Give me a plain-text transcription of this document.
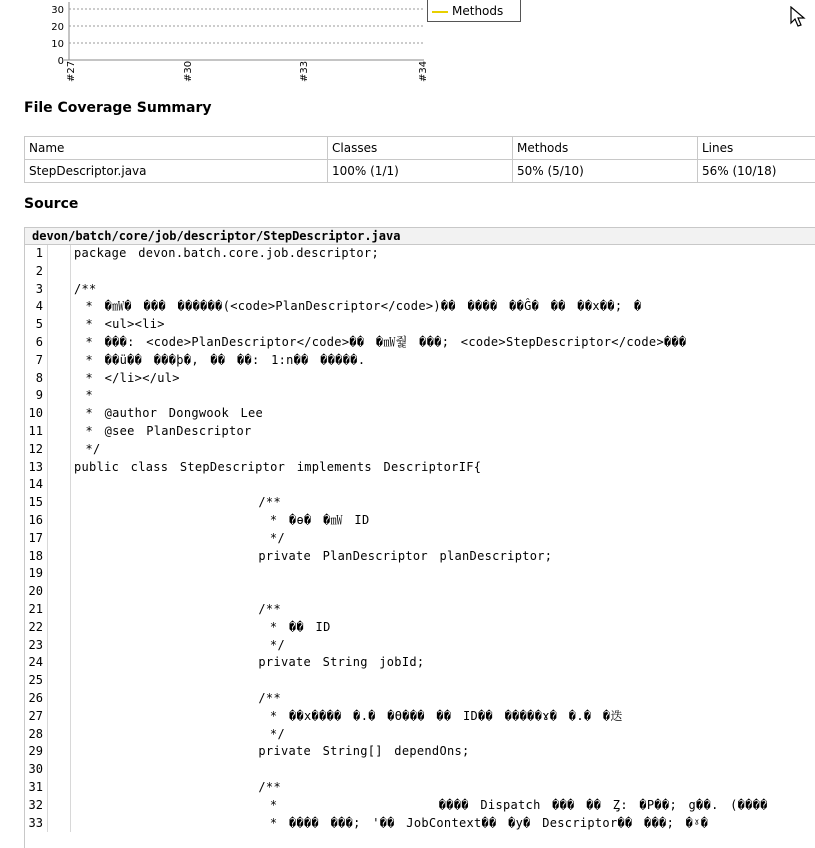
30
20
10
0 #27	#30	#33	#34
Methods
File Coverage Summary
Name	Classes	Methods	Lines
StepDescriptor.java	100% (1/1)	50% (5/10)	56% (10/18)
Source
devon/batch/core/job/descriptor/StepDescriptor.java
1	package devon.batch.core.job.descriptor;
2
3	/**
4	* �㎽� ��� ������(<code>PlanDescriptor</code>)�� ���� ��Ĝ� �� ��x��; �
5	* <ul><li>
6	* ���: <code>PlanDescriptor</code>�� �㎽줥 ���; <code>StepDescriptor</code>���
7	* ��ü�� ���þ�, �� ��: 1:n�� �����.
8	* </li></ul>
9	*
10	* @author Dongwook Lee
11	* @see PlanDescriptor
12	*/
13	public class StepDescriptor implements DescriptorIF{
14
15	/**
16	* �ɵ� �㎽ ID
17	*/
18	private PlanDescriptor planDescriptor;
19
20
21	/**
22	* �� ID
23	*/
24	private String jobId;
25
26	/**
27	* ��x���� �.� �ϴ��� �� ID�� �����ɤ� �.� �迭
28	*/
29	private String[] dependOns;
30
31	/**
32	*              ���� Dispatch ��� �� Ȥ: �P��; g��. (����
33	* ���� ���; '�� JobContext�� �y� Descriptor�� ���; �ˠ�
